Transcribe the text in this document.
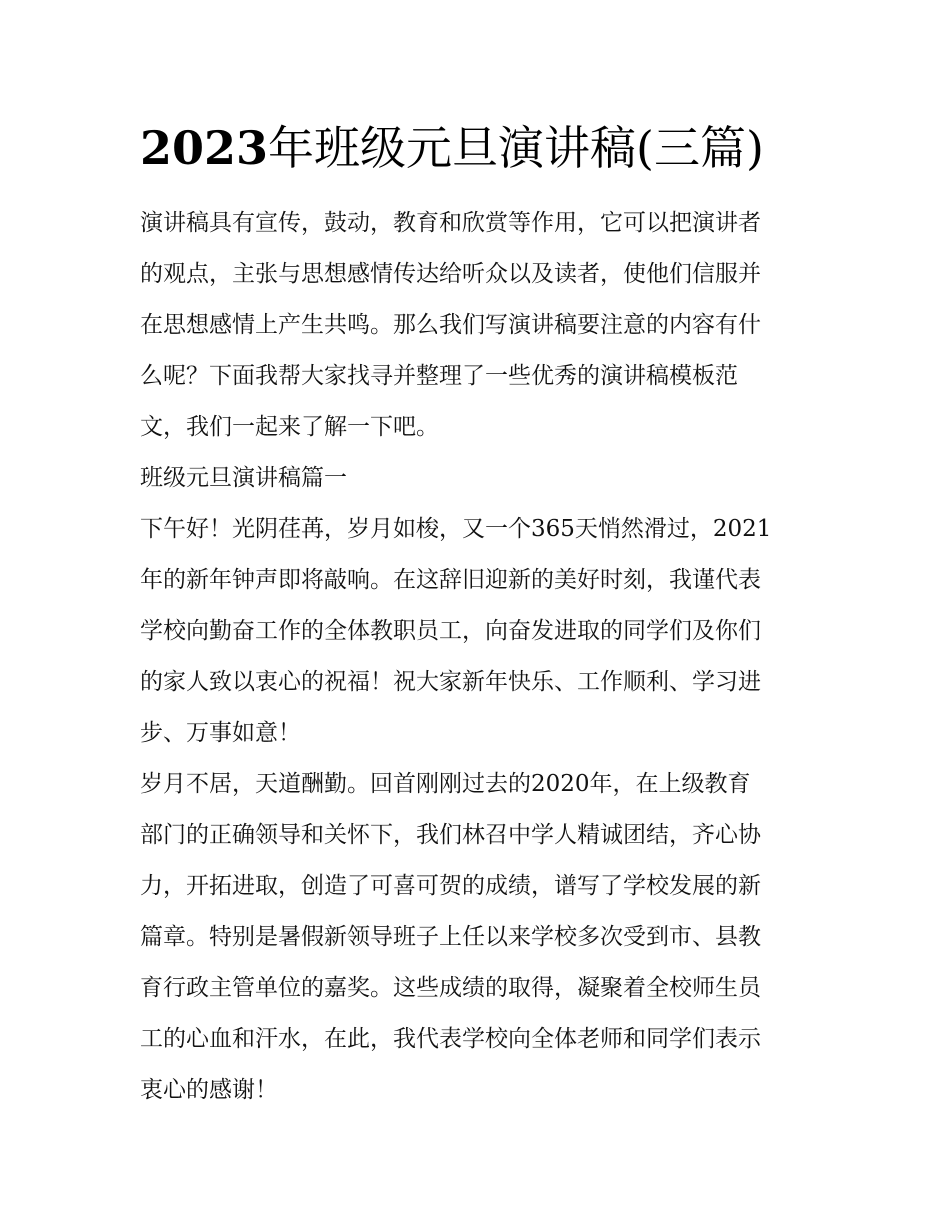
2023年班级元旦演讲稿(三篇)

演讲稿具有宣传，鼓动，教育和欣赏等作用，它可以把演讲者

的观点，主张与思想感情传达给听众以及读者，使他们信服并

在思想感情上产生共鸣。那么我们写演讲稿要注意的内容有什

么呢？下面我帮大家找寻并整理了一些优秀的演讲稿模板范

文，我们一起来了解一下吧。

班级元旦演讲稿篇一

下午好！光阴荏苒，岁月如梭，又一个365天悄然滑过，2021

年的新年钟声即将敲响。在这辞旧迎新的美好时刻，我谨代表

学校向勤奋工作的全体教职员工，向奋发进取的同学们及你们

的家人致以衷心的祝福！祝大家新年快乐、工作顺利、学习进

步、万事如意！

岁月不居，天道酬勤。回首刚刚过去的2020年，在上级教育

部门的正确领导和关怀下，我们林召中学人精诚团结，齐心协

力，开拓进取，创造了可喜可贺的成绩，谱写了学校发展的新

篇章。特别是暑假新领导班子上任以来学校多次受到市、县教

育行政主管单位的嘉奖。这些成绩的取得，凝聚着全校师生员

工的心血和汗水，在此，我代表学校向全体老师和同学们表示

衷心的感谢！
